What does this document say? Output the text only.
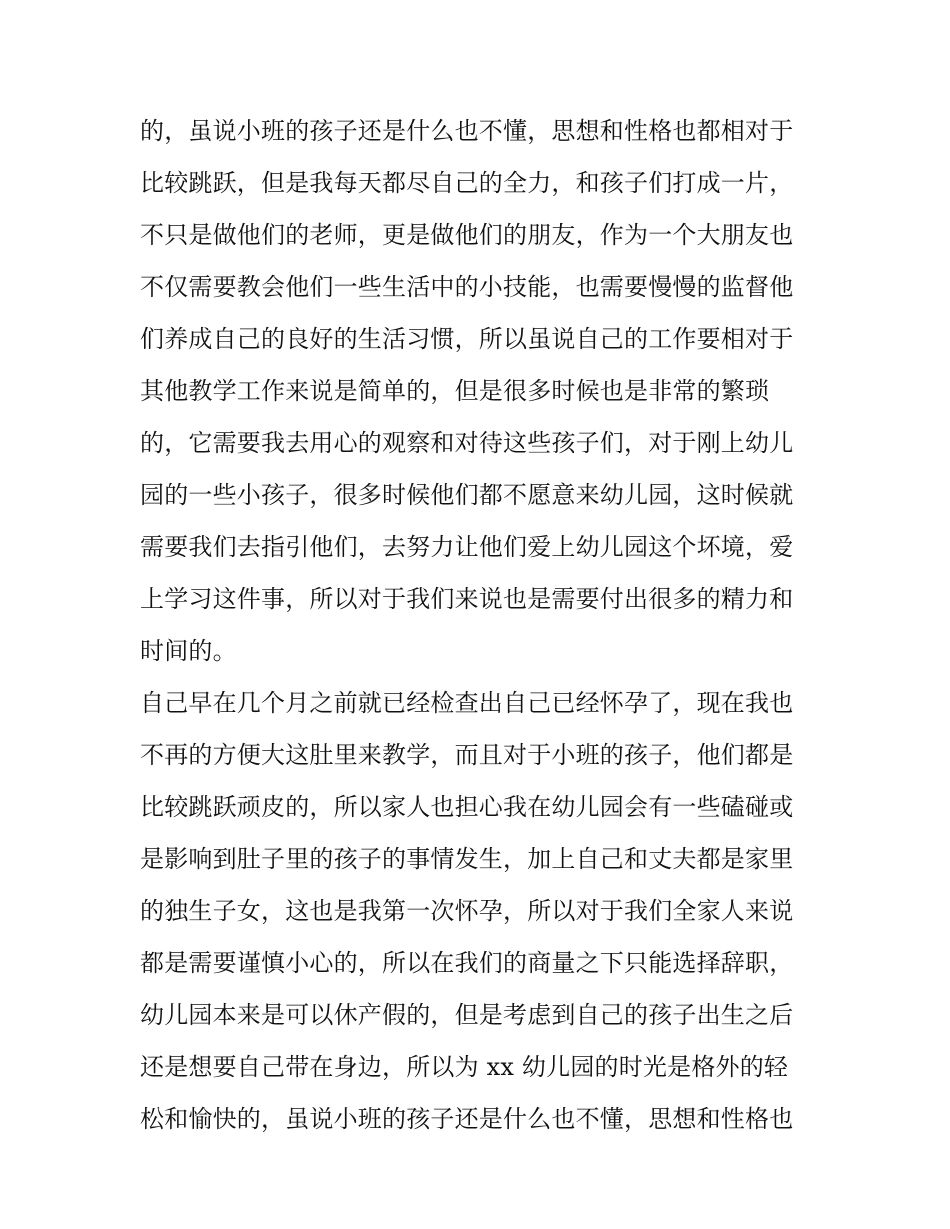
的，虽说小班的孩子还是什么也不懂，思想和性格也都相对于
比较跳跃，但是我每天都尽自己的全力，和孩子们打成一片，
不只是做他们的老师，更是做他们的朋友，作为一个大朋友也
不仅需要教会他们一些生活中的小技能，也需要慢慢的监督他
们养成自己的良好的生活习惯，所以虽说自己的工作要相对于
其他教学工作来说是简单的，但是很多时候也是非常的繁琐
的，它需要我去用心的观察和对待这些孩子们，对于刚上幼儿
园的一些小孩子，很多时候他们都不愿意来幼儿园，这时候就
需要我们去指引他们，去努力让他们爱上幼儿园这个坏境，爱
上学习这件事，所以对于我们来说也是需要付出很多的精力和
时间的。
自己早在几个月之前就已经检查出自己已经怀孕了，现在我也
不再的方便大这肚里来教学，而且对于小班的孩子，他们都是
比较跳跃顽皮的，所以家人也担心我在幼儿园会有一些磕碰或
是影响到肚子里的孩子的事情发生，加上自己和丈夫都是家里
的独生子女，这也是我第一次怀孕，所以对于我们全家人来说
都是需要谨慎小心的，所以在我们的商量之下只能选择辞职，
幼儿园本来是可以休产假的，但是考虑到自己的孩子出生之后
还是想要自己带在身边，所以为 xx 幼儿园的时光是格外的轻
松和愉快的，虽说小班的孩子还是什么也不懂，思想和性格也
